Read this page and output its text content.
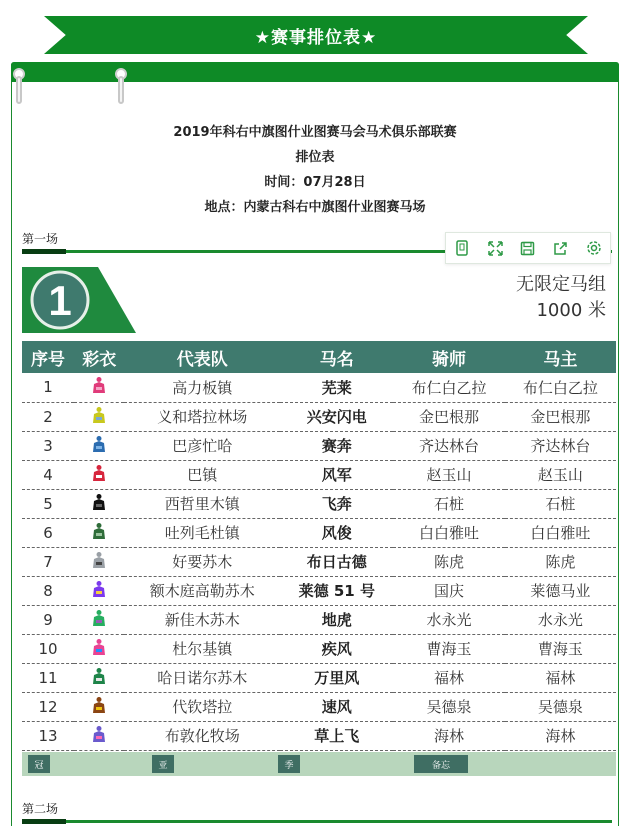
★赛事排位表★
2019年科右中旗图什业图赛马会马术俱乐部联赛
排位表
时间：07月28日
地点：内蒙古科右中旗图什业图赛马场
第一场
1	无限定马组
1000 米
序号	彩衣	代表队	马名	骑师	马主
1		高力板镇	芜莱	布仁白乙拉	布仁白乙拉
2		义和塔拉林场	兴安闪电	金巴根那	金巴根那
3		巴彦忙哈	赛奔	齐达林台	齐达林台
4		巴镇	风军	赵玉山	赵玉山
5		西哲里木镇	飞奔	石桩	石桩
6		吐列毛杜镇	风俊	白白雅吐	白白雅吐
7		好要苏木	布日古德	陈虎	陈虎
8		额木庭高勒苏木	莱德 51 号	国庆	莱德马业
9		新佳木苏木	地虎	水永光	水永光
10		杜尔基镇	疾风	曹海玉	曹海玉
11		哈日诺尔苏木	万里风	福林	福林
12		代钦塔拉	速风	吴德泉	吴德泉
13		布敦化牧场	草上飞	海林	海林
冠	亚	季	备忘
第二场
